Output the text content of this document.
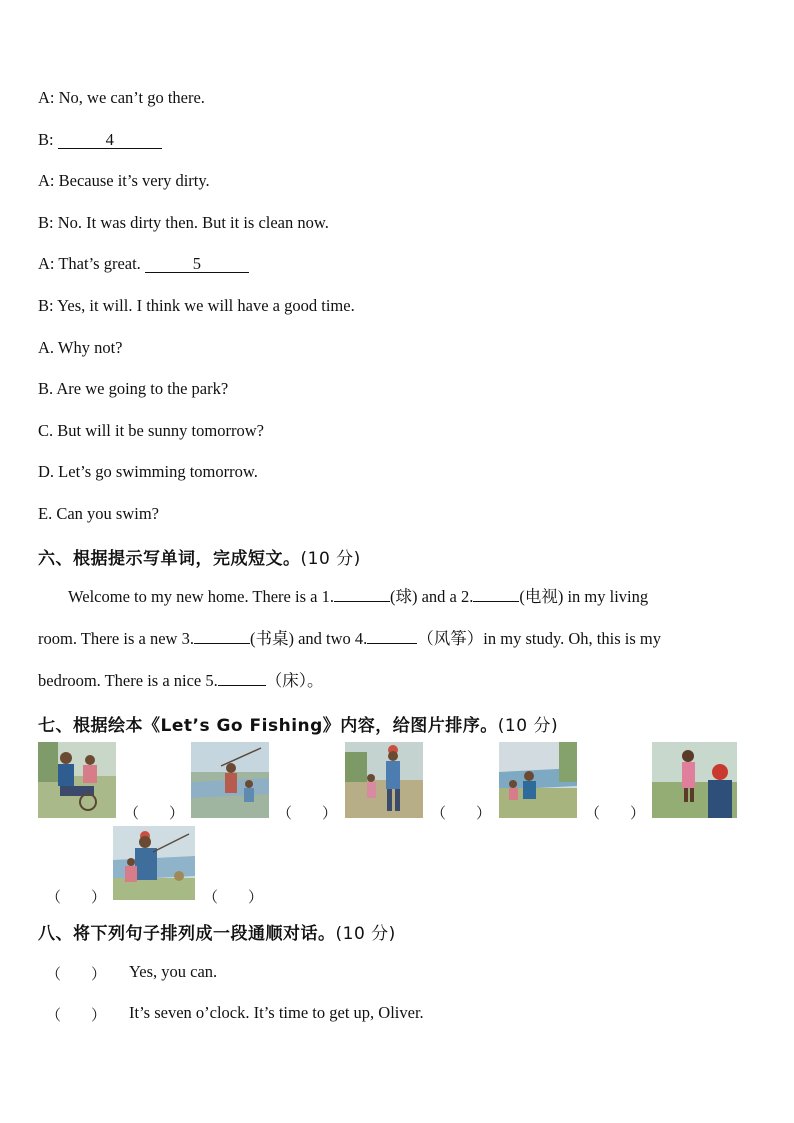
A: No, we can’t go there.
B:	4
A: Because it’s very dirty.
B: No. It was dirty then. But it is clean now.
A: That’s great.	5
B: Yes, it will. I think we will have a good time.
A. Why not?
B. Are we going to the park?
C. But will it be sunny tomorrow?
D. Let’s go swimming tomorrow.
E. Can you swim?
六、根据提示写单词，完成短文。(10 分)
Welcome to my new home. There is a 1.	(球) and a 2.	(电视) in my living
room. There is a new 3.	(书桌) and two 4.	（风筝）in my study. Oh, this is my
bedroom. There is a nice 5.	（床）。
七、根据绘本《Let’s Go Fishing》内容，给图片排序。(10 分)
（　　）	（　　）	（　　）	（　　）
（　　）	（　　）
八、将下列句子排列成一段通顺对话。(10 分)
（　　） Yes, you can.
（　　） It’s seven o’clock. It’s time to get up, Oliver.
